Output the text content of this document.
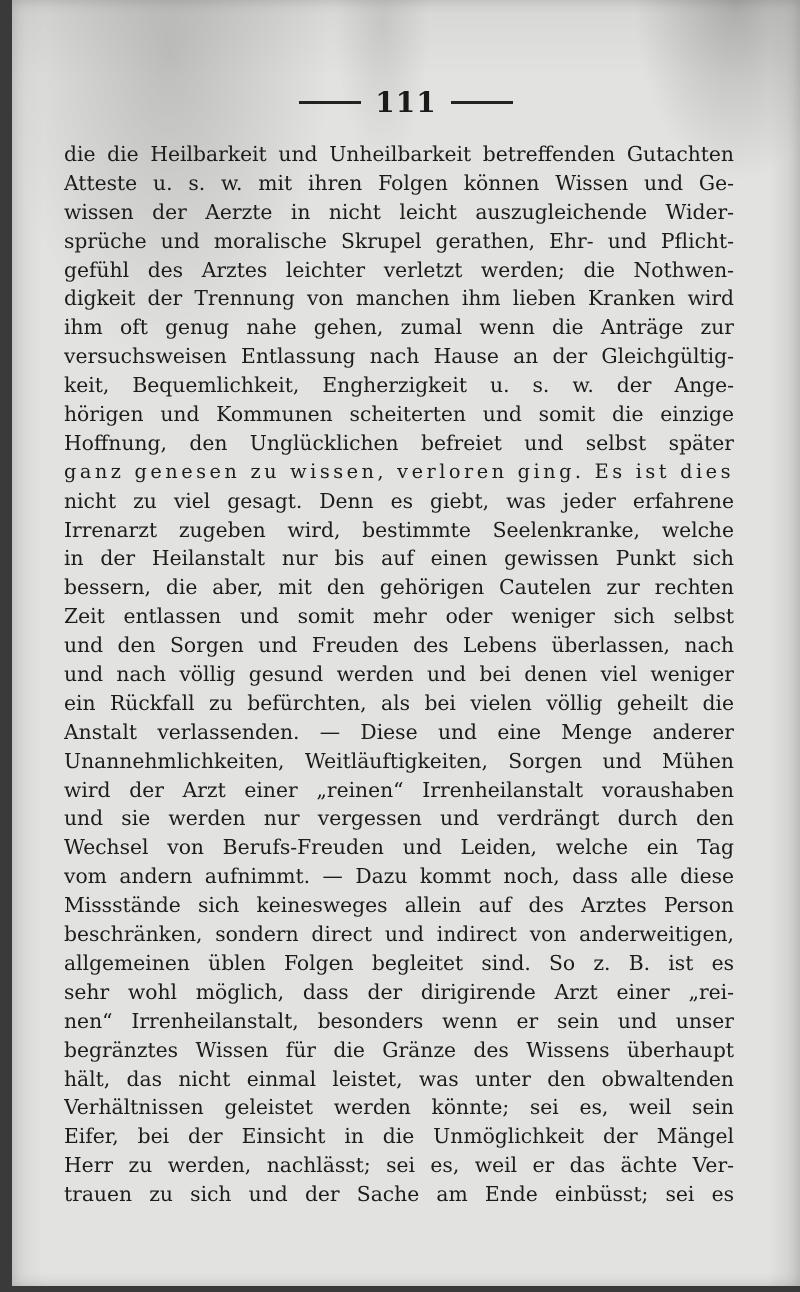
111
die die Heilbarkeit und Unheilbarkeit betreffenden Gutachten
Atteste u. s. w. mit ihren Folgen können Wissen und Ge-
wissen der Aerzte in nicht leicht auszugleichende Wider-
sprüche und moralische Skrupel gerathen, Ehr- und Pflicht-
gefühl des Arztes leichter verletzt werden; die Nothwen-
digkeit der Trennung von manchen ihm lieben Kranken wird
ihm oft genug nahe gehen, zumal wenn die Anträge zur
versuchsweisen Entlassung nach Hause an der Gleichgültig-
keit, Bequemlichkeit, Engherzigkeit u. s. w. der Ange-
hörigen und Kommunen scheiterten und somit die einzige
Hoffnung, den Unglücklichen befreiet und selbst später
ganz genesen zu wissen, verloren ging. Es ist dies
nicht zu viel gesagt. Denn es giebt, was jeder erfahrene
Irrenarzt zugeben wird, bestimmte Seelenkranke, welche
in der Heilanstalt nur bis auf einen gewissen Punkt sich
bessern, die aber, mit den gehörigen Cautelen zur rechten
Zeit entlassen und somit mehr oder weniger sich selbst
und den Sorgen und Freuden des Lebens überlassen, nach
und nach völlig gesund werden und bei denen viel weniger
ein Rückfall zu befürchten, als bei vielen völlig geheilt die
Anstalt verlassenden. — Diese und eine Menge anderer
Unannehmlichkeiten, Weitläuftigkeiten, Sorgen und Mühen
wird der Arzt einer „reinen“ Irrenheilanstalt voraushaben
und sie werden nur vergessen und verdrängt durch den
Wechsel von Berufs-Freuden und Leiden, welche ein Tag
vom andern aufnimmt. — Dazu kommt noch, dass alle diese
Missstände sich keinesweges allein auf des Arztes Person
beschränken, sondern direct und indirect von anderweitigen,
allgemeinen üblen Folgen begleitet sind. So z. B. ist es
sehr wohl möglich, dass der dirigirende Arzt einer „rei-
nen“ Irrenheilanstalt, besonders wenn er sein und unser
begränztes Wissen für die Gränze des Wissens überhaupt
hält, das nicht einmal leistet, was unter den obwaltenden
Verhältnissen geleistet werden könnte; sei es, weil sein
Eifer, bei der Einsicht in die Unmöglichkeit der Mängel
Herr zu werden, nachlässt; sei es, weil er das ächte Ver-
trauen zu sich und der Sache am Ende einbüsst; sei es
